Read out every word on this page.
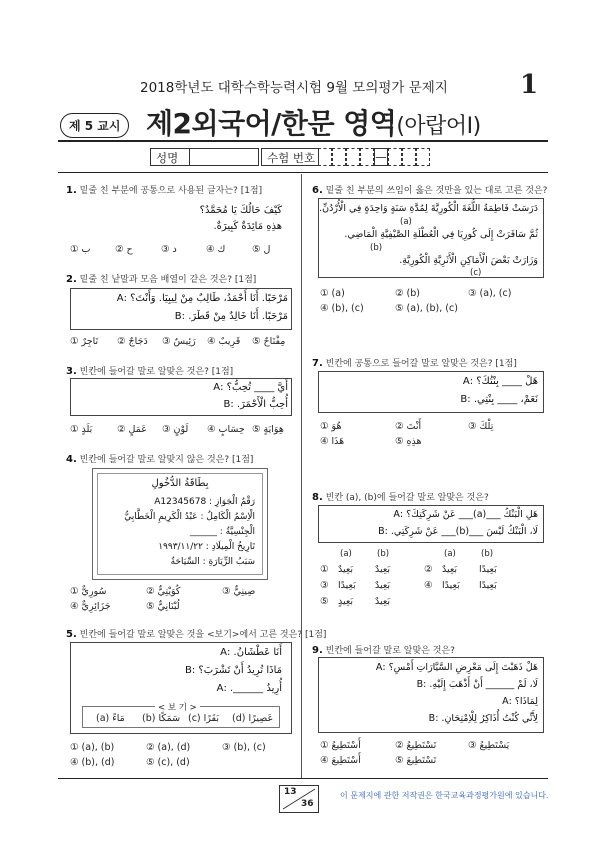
2018학년도 대학수학능력시험 9월 모의평가 문제지	1
제 5 교시 제2외국어/한문 영역(아랍어Ⅰ)
성명	수험 번호	—
1. 밑줄 친 부분에 공통으로 사용된 글자는? [1점]
كَيْفَ حَالُكَ يَا مُحَمَّدُ؟
هذِهِ مَائِدَةٌ كَبِيرَةٌ.
① ب	② ح	③ د	④ ك	⑤ ل
2. 밑줄 친 낱말과 모음 배열이 같은 것은? [1점]
مَرْحَبًا. أَنَا أَحْمَدُ، طَالِبٌ مِنْ لِيبِيَا. وَأَنْتَ؟ :A
مَرْحَبًا. أَنَا خَالِدٌ مِنْ قَطَرَ. :B
① تَاجِرٌ ② دَجَاجٌ ③ رَئِيسٌ ④ قَرِيبٌ ⑤ مِفْتَاحٌ
3. 빈칸에 들어갈 말로 알맞은 것은? [1점]
أَيَّ ____ تُحِبُّ؟ :A
أُحِبُّ الْأَحْمَرَ. :B
① بَلَدٍ	② عَمَلٍ ③ لَوْنٍ ④ حِسَابٍ ⑤ هِوَايَةٍ
4. 빈칸에 들어갈 말로 알맞지 않은 것은? [1점]
بِطَاقَةُ الدُّخُولِ
رَقْمُ الْجَوَازِ : A12345678
الْاِسْمُ الْكَامِلُ : عَبْدُ الْكَرِيمِ الْخَطَّابِيُّ
الْجِنْسِيَّةُ : ______
تَارِيخُ الْمِيلَادِ : ١٩٩٣/١١/٢٢
سَبَبُ الزِّيَارَةِ : السِّيَاحَةُ
① سُورِيٌّ	② كُوَيْتِيٌّ	③ صِينِيٌّ
④ جَزَائِرِيٌّ	⑤ لُبْنَانِيٌّ
5. 빈칸에 들어갈 말로 알맞은 것을 <보기>에서 고른 것은? [1점]
أَنَا عَطْشَانُ. :A
مَاذَا تُرِيدُ أَنْ تَشْرَبَ؟ :B
أُرِيدُ ______. :A
< 보 기 >
(a) مَاءً (b) سَمَكًا (c) بَقَرًا (d) عَصِيرًا
① (a), (b)	② (a), (d)	③ (b), (c)
④ (b), (d)	⑤ (c), (d)
6. 밑줄 친 부분의 쓰임이 옳은 것만을 있는 대로 고른 것은?
دَرَسَتْ فَاطِمَةُ اللُّغَةَ الْكُورِيَّةَ لِمُدَّةِ سَنَةٍ وَاحِدَةٍ فِي الْأُرْدُنِّ.
(a)
ثُمَّ سَافَرَتْ إِلَى كُورِيَا فِي الْعُطْلَةِ الصَّيْفِيَّةِ الْمَاضِي.
(b)
وَزَارَتْ بَعْضَ الْأَمَاكِنِ الْأَثَرِيَّةِ الْكُورِيَّةِ.
(c)
① (a)	② (b)	③ (a), (c)
④ (b), (c)	⑤ (a), (b), (c)
7. 빈칸에 공통으로 들어갈 말로 알맞은 것은? [1점]
هَلْ ____ بِنْتُكَ؟ :A
نَعَمْ، ____ بِنْتِي. :B
① هُوَ	② أَنْتَ	③ تِلْكَ
④ هَذَا	⑤ هذِهِ
8. 빈칸 (a), (b)에 들어갈 말로 알맞은 것은?
هَلِ الْبَنْكُ ___(a)___ عَنْ شَرِكَتِكَ؟ :A
لَا، الْبَنْكُ لَيْسَ ___(b)___ عَنْ شَرِكَتِي. :B
(a)	(b)	(a)	(b)
① بَعِيدٌ بَعِيدٌ	② بَعِيدٌ بَعِيدًا
③ بَعِيدًا بَعِيدٌ	④ بَعِيدًا بَعِيدًا
⑤ بَعِيدٍ بَعِيدٌ
9. 빈칸에 들어갈 말로 알맞은 것은?
هَلْ ذَهَبْتَ إِلَى مَعْرِضِ السَّيَّارَاتِ أَمْسِ؟ :A
لَا، لَمْ ______ أَنْ أَذْهَبَ إِلَيْهِ. :B
لِمَاذَا؟ :A
لِأَنِّي كُنْتُ أُذَاكِرُ لِلْاِمْتِحَانِ. :B
① أَسْتَطِيعُ	② تَسْتَطِيعُ	③ يَسْتَطِيعُ
④ أَسْتَطِيعَ	⑤ تَسْتَطِيعَ
13
36
이 문제지에 관한 저작권은 한국교육과정평가원에 있습니다.
